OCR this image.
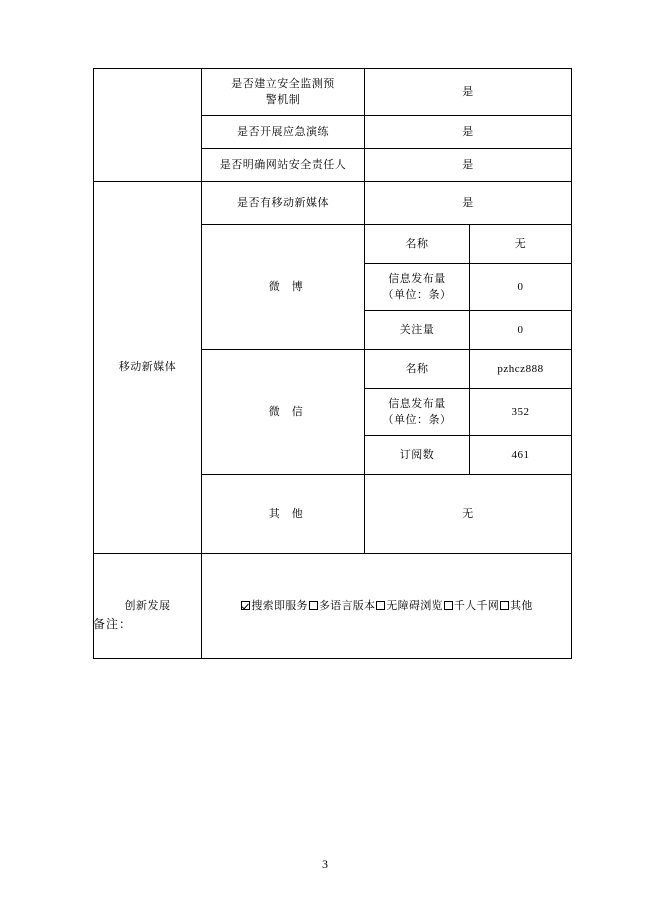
	是否建立安全监测预
警机制	是	
	是否开展应急演练	是	
	是否明确网站安全责任人	是	
移动新媒体	是否有移动新媒体	是	
	微　博	名称	无
		信息发布量
（单位：条）	0
		关注量	0
	微　信	名称	pzhcz888
		信息发布量
（单位：条）	352
		订阅数	461
	其　他	无	
创新发展	搜索即服务 多语言版本 无障碍浏览 千人千网 其他		
备注：
3
